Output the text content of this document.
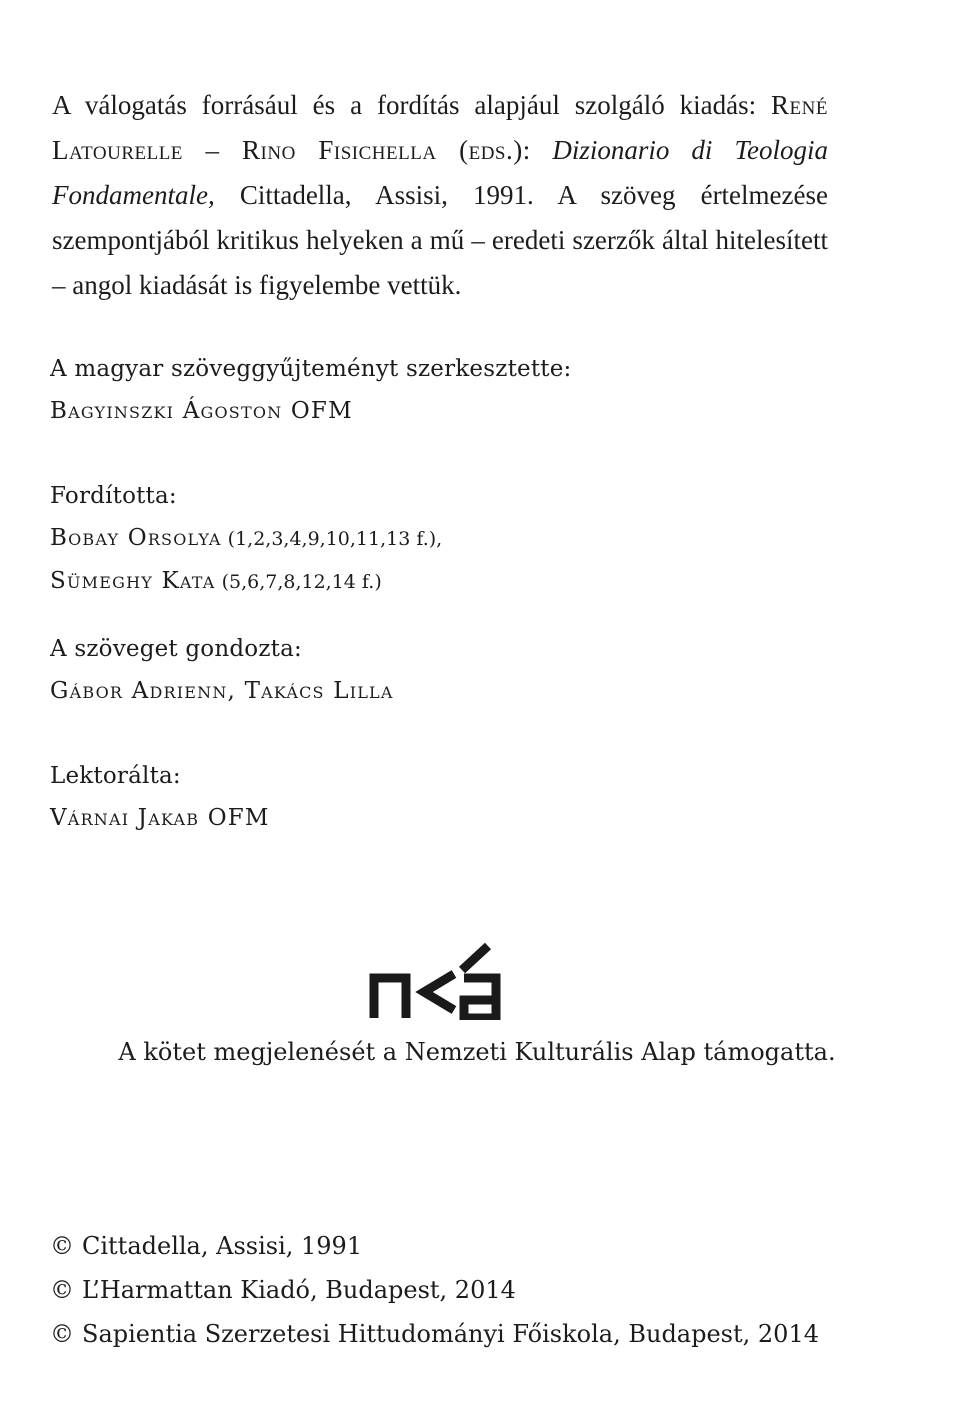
A válogatás forrásául és a fordítás alapjául szolgáló kiadás: René Latourelle – Rino Fisichella (eds.): Dizionario di Teologia Fondamentale, Cittadella, Assisi, 1991. A szöveg értelmezése szempontjából kritikus helyeken a mű – eredeti szerzők által hitelesített – angol kiadását is figyelembe vettük.

A magyar szöveggyűjteményt szerkesztette:
Bagyinszki Ágoston OFM
Fordította:
Bobay Orsolya (1,2,3,4,9,10,11,13 f.),
Sümeghy Kata (5,6,7,8,12,14 f.)
A szöveget gondozta:
Gábor Adrienn, Takács Lilla
Lektorálta:
Várnai Jakab OFM
A kötet megjelenését a Nemzeti Kulturális Alap támogatta.
© Cittadella, Assisi, 1991
© L’Harmattan Kiadó, Budapest, 2014
© Sapientia Szerzetesi Hittudományi Főiskola, Budapest, 2014
